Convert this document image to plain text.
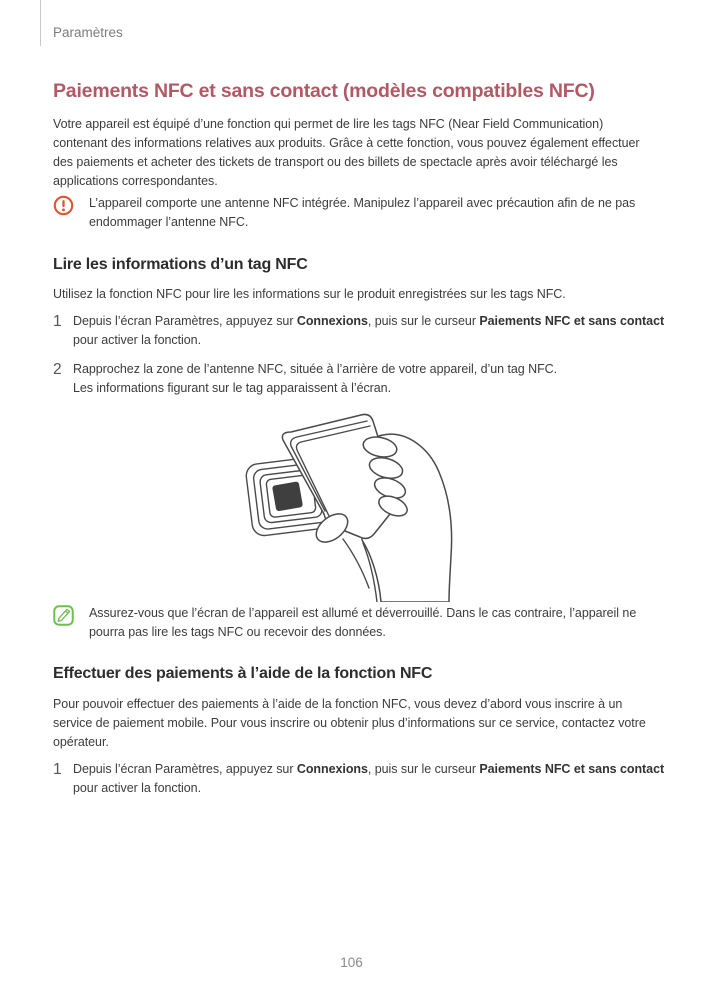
Paramètres
Paiements NFC et sans contact (modèles compatibles NFC)
Votre appareil est équipé d’une fonction qui permet de lire les tags NFC (Near Field Communication) contenant des informations relatives aux produits. Grâce à cette fonction, vous pouvez également effectuer des paiements et acheter des tickets de transport ou des billets de spectacle après avoir téléchargé les applications correspondantes.
L’appareil comporte une antenne NFC intégrée. Manipulez l’appareil avec précaution afin de ne pas endommager l’antenne NFC.
Lire les informations d’un tag NFC
Utilisez la fonction NFC pour lire les informations sur le produit enregistrées sur les tags NFC.
1 Depuis l’écran Paramètres, appuyez sur Connexions, puis sur le curseur Paiements NFC et sans contact pour activer la fonction.
2 Rapprochez la zone de l’antenne NFC, située à l’arrière de votre appareil, d’un tag NFC.
Les informations figurant sur le tag apparaissent à l’écran.
Assurez-vous que l’écran de l’appareil est allumé et déverrouillé. Dans le cas contraire, l’appareil ne pourra pas lire les tags NFC ou recevoir des données.
Effectuer des paiements à l’aide de la fonction NFC
Pour pouvoir effectuer des paiements à l’aide de la fonction NFC, vous devez d’abord vous inscrire à un service de paiement mobile. Pour vous inscrire ou obtenir plus d’informations sur ce service, contactez votre opérateur.
1 Depuis l’écran Paramètres, appuyez sur Connexions, puis sur le curseur Paiements NFC et sans contact pour activer la fonction.
106
